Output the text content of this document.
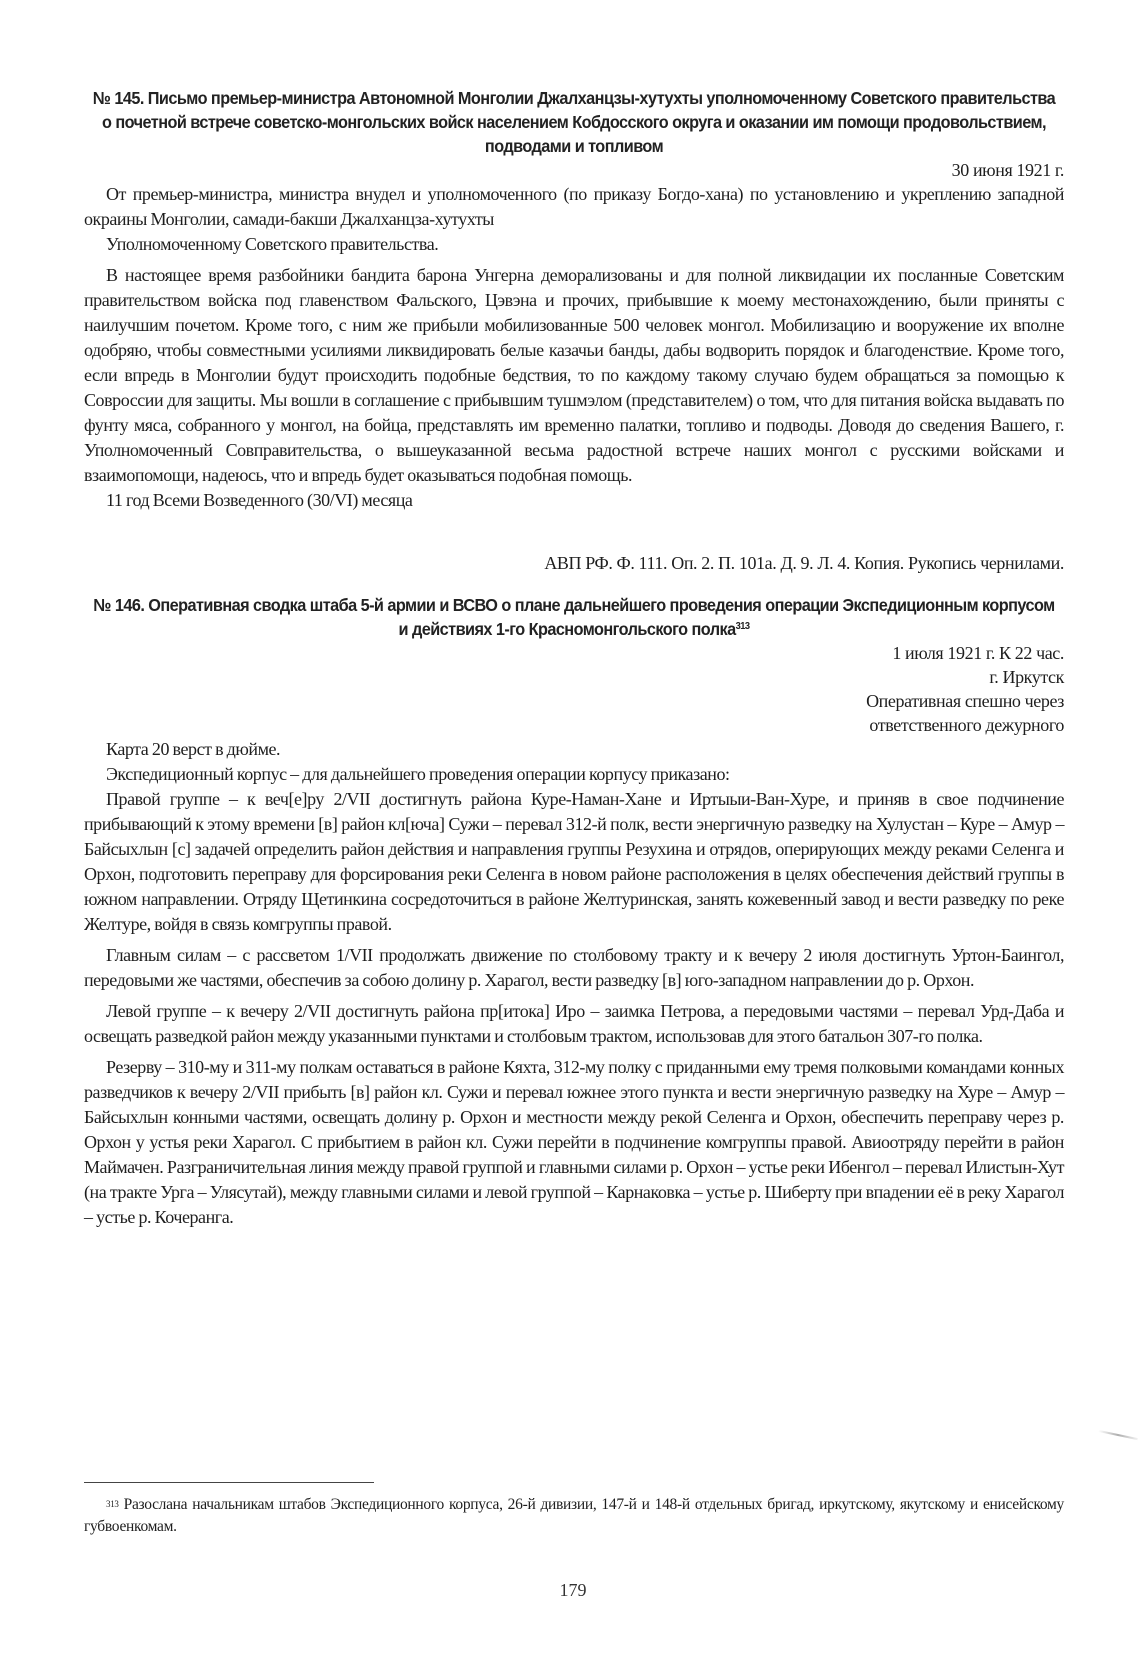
№ 145. Письмо премьер-министра Автономной Монголии Джалханцзы-хутухты уполномоченному Советского правительства о почетной встрече советско-монгольских войск населением Кобдосского округа и оказании им помощи продовольствием, подводами и топливом
30 июня 1921 г.

От премьер-министра, министра внудел и уполномоченного (по приказу Богдо-хана) по установлению и укреплению западной окраины Монголии, самади-бакши Джалханцза-хутухты

Уполномоченному Советского правительства.

В настоящее время разбойники бандита барона Унгерна деморализованы и для полной ликвидации их посланные Советским правительством войска под главенством Фальского, Цэвэна и прочих, прибывшие к моему местонахождению, были приняты с наилучшим почетом. Кроме того, с ним же прибыли мобилизованные 500 человек монгол. Мобилизацию и вооружение их вполне одобряю, чтобы совместными усилиями ликвидировать белые казачьи банды, дабы водворить порядок и благоденствие. Кроме того, если впредь в Монголии будут происходить подобные бедствия, то по каждому такому случаю будем обращаться за помощью к Совроссии для защиты. Мы вошли в соглашение с прибывшим тушмэлом (представителем) о том, что для питания войска выдавать по фунту мяса, собранного у монгол, на бойца, представлять им временно палатки, топливо и подводы. Доводя до сведения Вашего, г. Уполномоченный Совправительства, о вышеуказанной весьма радостной встрече наших монгол с русскими войсками и взаимопомощи, надеюсь, что и впредь будет оказываться подобная помощь.

11 год Всеми Возведенного (30/VI) месяца

АВП РФ. Ф. 111. Оп. 2. П. 101а. Д. 9. Л. 4. Копия. Рукопись чернилами.
№ 146. Оперативная сводка штаба 5-й армии и ВСВО о плане дальнейшего проведения операции Экспедиционным корпусом и действиях 1-го Красномонгольского полка$^{313}$
1 июля 1921 г. К 22 час.
г. Иркутск
Оперативная спешно через
ответственного дежурного

Карта 20 верст в дюйме.

Экспедиционный корпус – для дальнейшего проведения операции корпусу приказано:

Правой группе – к веч[е]ру 2/VII достигнуть района Куре-Наман-Хане и Иртыыи-Ван-Хуре, и приняв в свое подчинение прибывающий к этому времени [в] район кл[юча] Сужи – перевал 312-й полк, вести энергичную разведку на Хулустан – Куре – Амур – Байсыхлын [с] задачей определить район действия и направления группы Резухина и отрядов, оперирующих между реками Селенга и Орхон, подготовить переправу для форсирования реки Селенга в новом районе расположения в целях обеспечения действий группы в южном направлении. Отряду Щетинкина сосредоточиться в районе Желтуринская, занять кожевенный завод и вести разведку по реке Желтуре, войдя в связь комгруппы правой.

Главным силам – с рассветом 1/VII продолжать движение по столбовому тракту и к вечеру 2 июля достигнуть Уртон-Баингол, передовыми же частями, обеспечив за собою долину р. Харагол, вести разведку [в] юго-западном направлении до р. Орхон.

Левой группе – к вечеру 2/VII достигнуть района пр[итока] Иро – заимка Петрова, а передовыми частями – перевал Урд-Даба и освещать разведкой район между указанными пунктами и столбовым трактом, использовав для этого батальон 307-го полка.

Резерву – 310-му и 311-му полкам оставаться в районе Кяхта, 312-му полку с приданными ему тремя полковыми командами конных разведчиков к вечеру 2/VII прибыть [в] район кл. Сужи и перевал южнее этого пункта и вести энергичную разведку на Хуре – Амур – Байсыхлын конными частями, освещать долину р. Орхон и местности между рекой Селенга и Орхон, обеспечить переправу через р. Орхон у устья реки Харагол. С прибытием в район кл. Сужи перейти в подчинение комгруппы правой. Авиоотряду перейти в район Маймачен. Разграничительная линия между правой группой и главными силами р. Орхон – устье реки Ибенгол – перевал Илистын-Хут (на тракте Урга – Улясутай), между главными силами и левой группой – Карнаковка – устье р. Шиберту при впадении её в реку Харагол – устье р. Кочеранга.

$^{313}$ Разослана начальникам штабов Экспедиционного корпуса, 26-й дивизии, 147-й и 148-й отдельных бригад, иркутскому, якутскому и енисейскому губвоенкомам.
179
